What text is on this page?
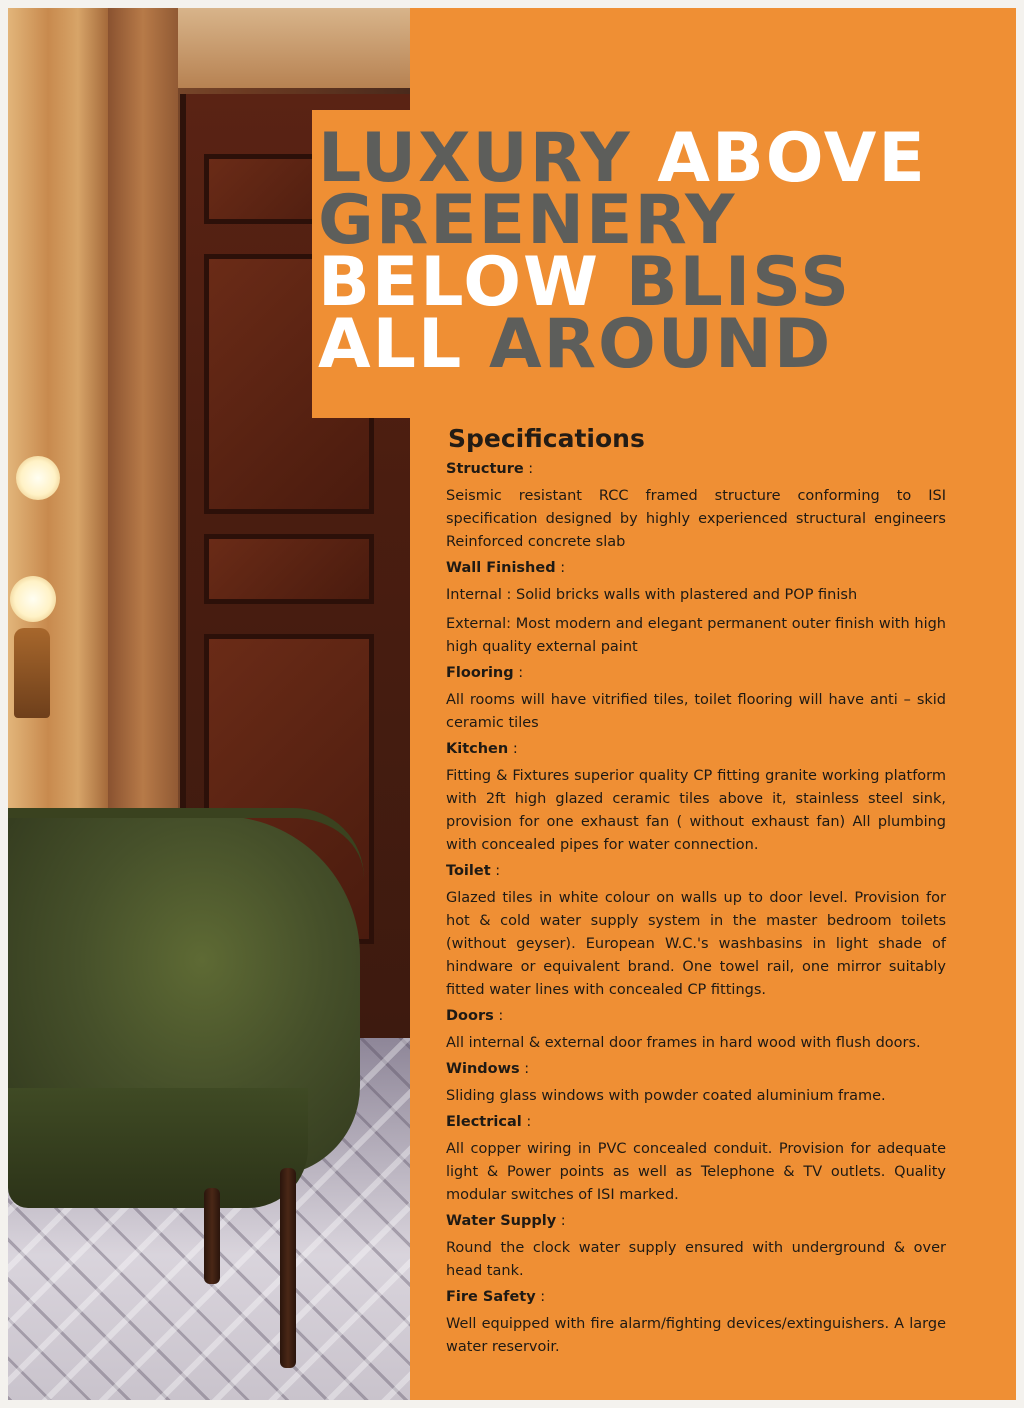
LUXURY ABOVE
GREENERY
BELOW BLISS
ALL AROUND
Specifications
Structure :

Seismic resistant RCC framed structure conforming to ISI specification designed by highly experienced structural engineers Reinforced concrete slab

Wall Finished :

Internal : Solid bricks walls with plastered and POP finish

External: Most modern and elegant permanent outer finish with high high quality external paint

Flooring :

All rooms will have vitrified tiles, toilet flooring will have anti – skid ceramic tiles

Kitchen :

Fitting & Fixtures superior quality CP fitting granite working platform with 2ft high glazed ceramic tiles above it, stainless steel sink, provision for one exhaust fan ( without exhaust fan) All plumbing with concealed pipes for water connection.

Toilet :

Glazed tiles in white colour on walls up to door level. Provision for hot & cold water supply system in the master bedroom toilets (without geyser). European W.C.'s washbasins in light shade of hindware or equivalent brand. One towel rail, one mirror suitably fitted water lines with concealed CP fittings.

Doors :

All internal & external door frames in hard wood with flush doors.

Windows :

Sliding glass windows with powder coated aluminium frame.

Electrical :

All copper wiring in PVC concealed conduit. Provision for adequate light & Power points as well as Telephone & TV outlets. Quality modular switches of ISI marked.

Water Supply :

Round the clock water supply ensured with underground & over head tank.

Fire Safety :

Well equipped with fire alarm/fighting devices/extinguishers. A large water reservoir.
